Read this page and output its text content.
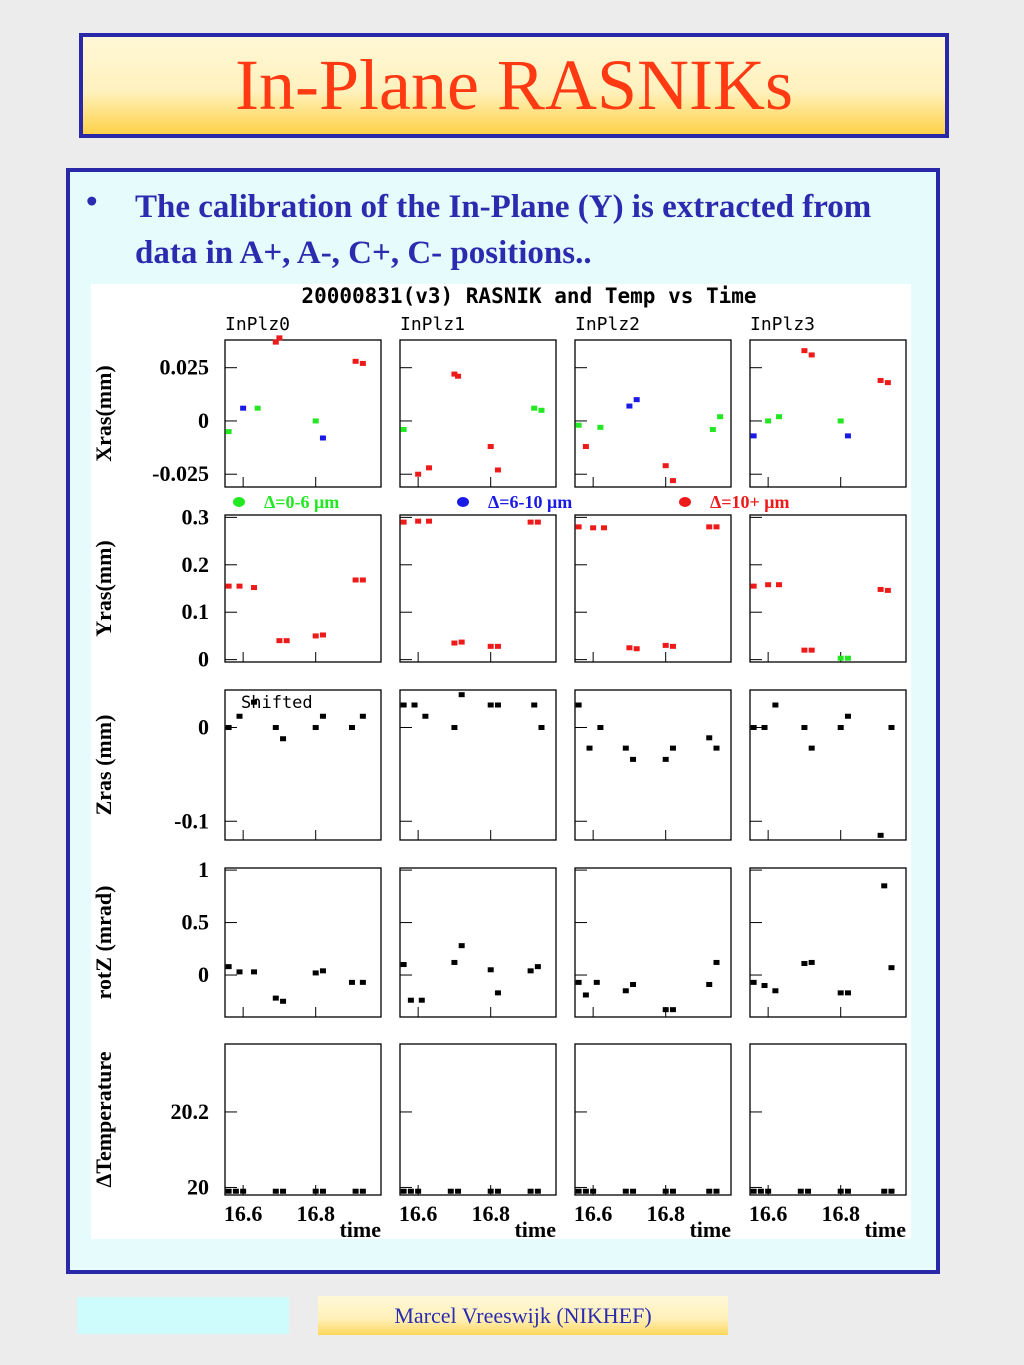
In-Plane RASNIKs
• The calibration of the In-Plane (Y) is extracted from data in A+, A-, C+, C- positions..
20000831(v3) RASNIK and Temp vs Time
InPlz0	InPlz1	InPlz2	InPlz3
Δ=0-6 μm	Δ=6-10 μm	Δ=10+ μm
Xras(mm) 0.025
0
-0.025
Yras(mm)
0.3
0.2
0.1
0
Zras (mm)	0
-0.1
rotZ (mrad)
1
0.5
0
ΔTemperature 20.2
20
Shifted
16.6 16.8
time
16.6 16.8
time
16.6 16.8
time
16.6 16.8
time
Marcel Vreeswijk (NIKHEF)
